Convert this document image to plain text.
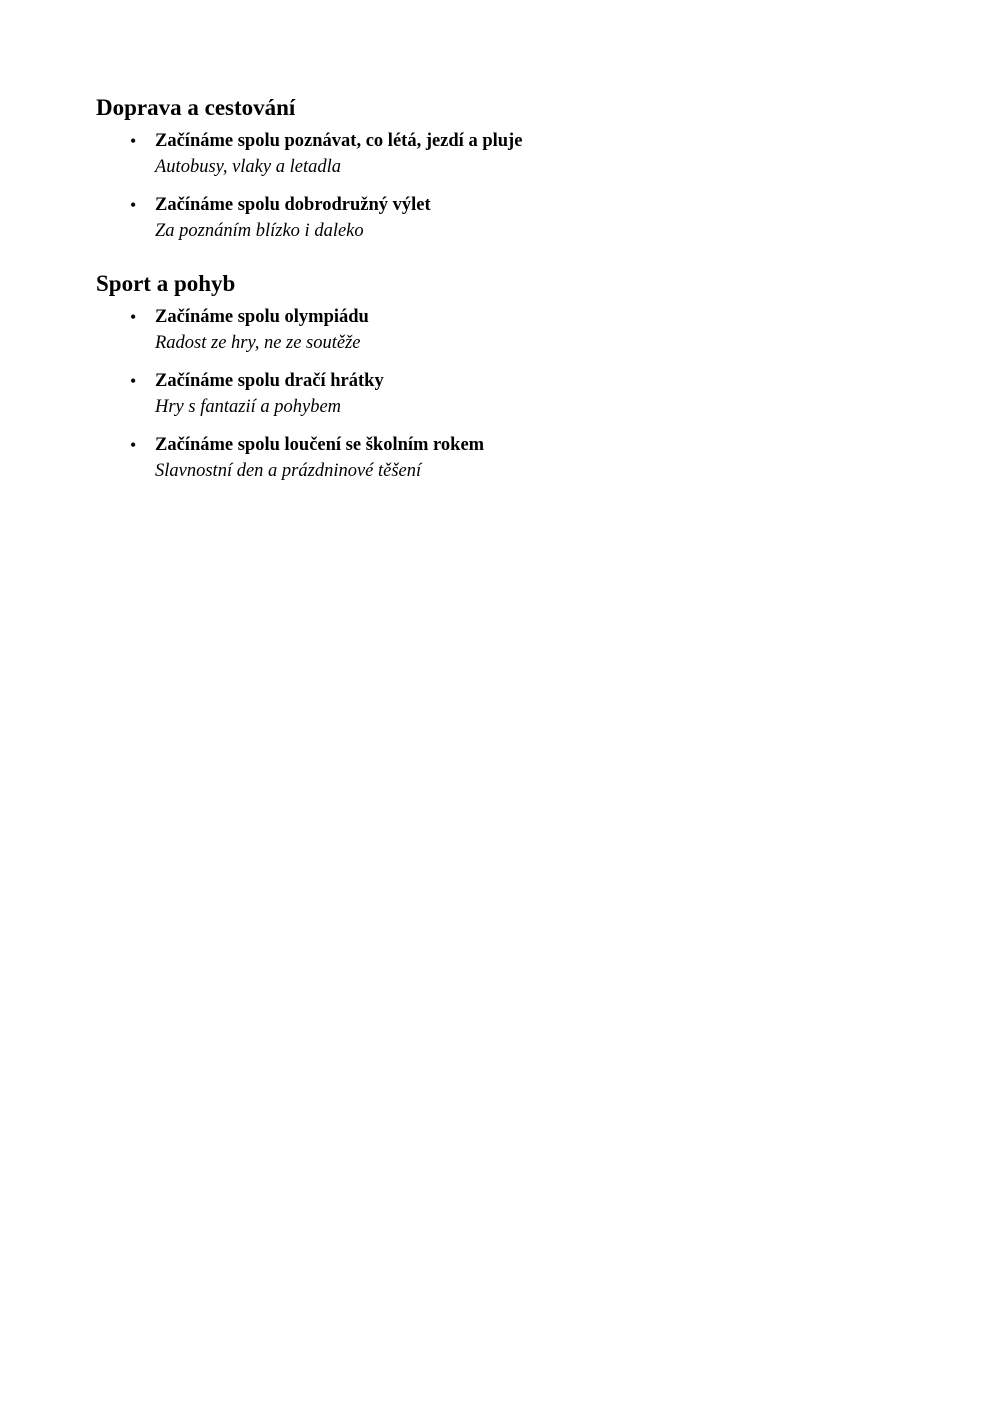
Doprava a cestování
• Začínáme spolu poznávat, co létá, jezdí a pluje
Autobusy, vlaky a letadla
• Začínáme spolu dobrodružný výlet
Za poznáním blízko i daleko
Sport a pohyb
• Začínáme spolu olympiádu
Radost ze hry, ne ze soutěže
• Začínáme spolu dračí hrátky
Hry s fantazií a pohybem
• Začínáme spolu loučení se školním rokem
Slavnostní den a prázdninové těšení
